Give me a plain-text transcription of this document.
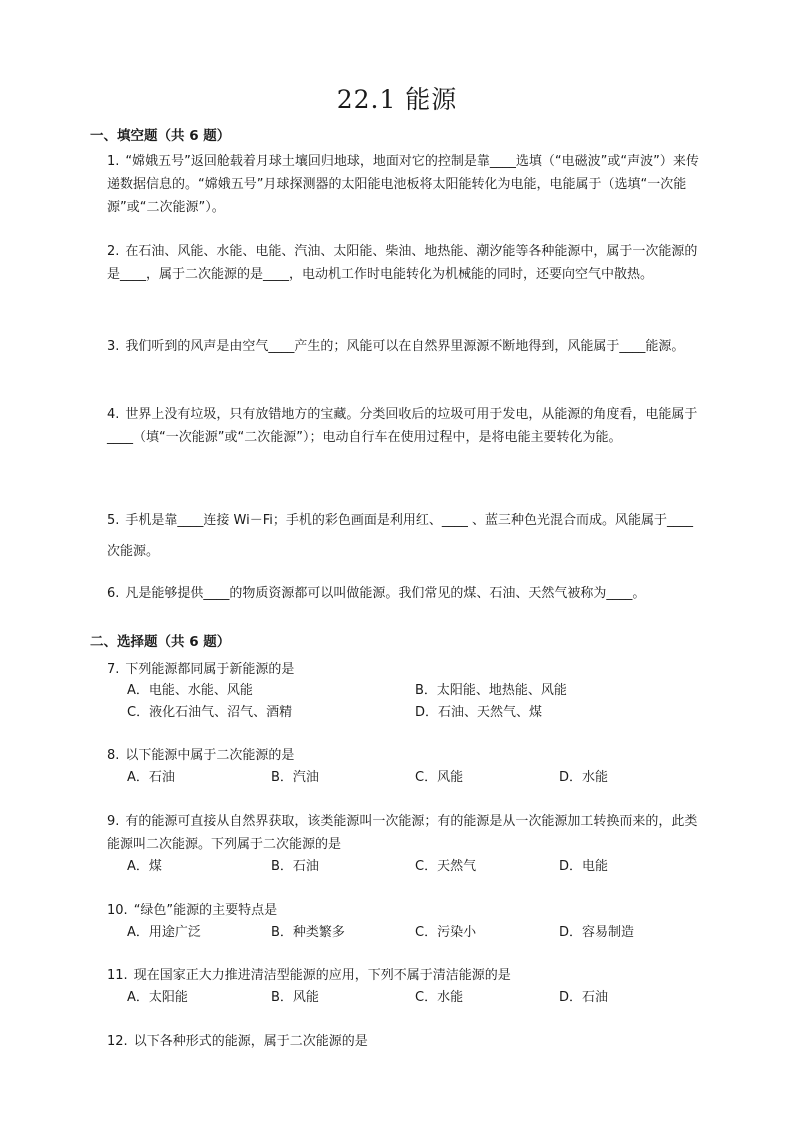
22.1 能源
一、填空题（共 6 题）
1. “嫦娥五号”返回舱载着月球土壤回归地球，地面对它的控制是靠____选填（“电磁波”或“声波”）来传递数据信息的。“嫦娥五号”月球探测器的太阳能电池板将太阳能转化为电能，电能属于（选填“一次能源”或“二次能源”）。
2. 在石油、风能、水能、电能、汽油、太阳能、柴油、地热能、潮汐能等各种能源中，属于一次能源的是____，属于二次能源的是____，电动机工作时电能转化为机械能的同时，还要向空气中散热。
3. 我们听到的风声是由空气____产生的；风能可以在自然界里源源不断地得到，风能属于____能源。
4. 世界上没有垃圾，只有放错地方的宝藏。分类回收后的垃圾可用于发电，从能源的角度看，电能属于____（填“一次能源”或“二次能源”）；电动自行车在使用过程中，是将电能主要转化为能。
5. 手机是靠____连接 Wi－Fi；手机的彩色画面是利用红、____ 、蓝三种色光混合而成。风能属于____ 次能源。
6. 凡是能够提供____的物质资源都可以叫做能源。我们常见的煤、石油、天然气被称为____。
二、选择题（共 6 题）
7. 下列能源都同属于新能源的是
A．电能、水能、风能	B．太阳能、地热能、风能
C．液化石油气、沼气、酒精	D．石油、天然气、煤
8. 以下能源中属于二次能源的是
A．石油	B．汽油	C．风能	D．水能
9. 有的能源可直接从自然界获取，该类能源叫一次能源；有的能源是从一次能源加工转换而来的，此类能源叫二次能源。下列属于二次能源的是
A．煤	B．石油	C．天然气	D．电能
10. “绿色”能源的主要特点是
A．用途广泛	B．种类繁多	C．污染小	D．容易制造
11. 现在国家正大力推进清洁型能源的应用，下列不属于清洁能源的是
A．太阳能	B．风能	C．水能	D．石油
12. 以下各种形式的能源，属于二次能源的是
